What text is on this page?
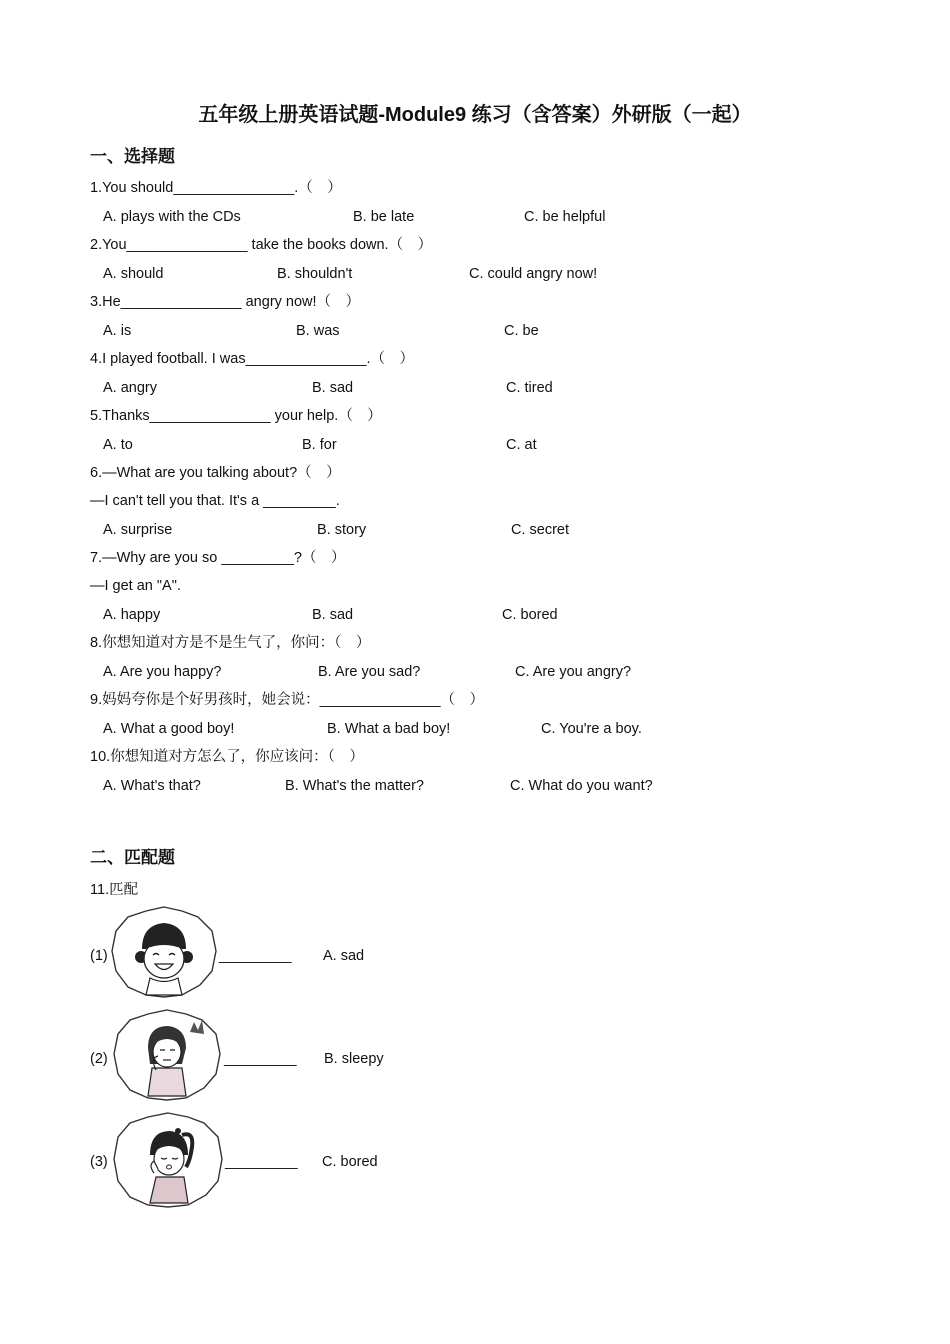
五年级上册英语试题-Module9 练习（含答案）外研版（一起）
一、选择题
1.You should_______________.（　）
A. plays with the CDs	B. be late	C. be helpful
2.You_______________ take the books down.（　）
A. should	B. shouldn't	C. could angry now!
3.He_______________ angry now!（　）
A. is	B. was	C. be
4.I played football. I was_______________.（　）
A. angry	B. sad	C. tired
5.Thanks_______________ your help.（　）
A. to	B. for	C. at
6.—What are you talking about?（　）
—I can't tell you that. It's a _________.
A. surprise	B. story	C. secret
7.—Why are you so _________?（　）
—I get an "A".
A. happy	B. sad	C. bored
8.你想知道对方是不是生气了，你问：（　）
A. Are you happy?	B. Are you sad?	C. Are you angry?
9.妈妈夸你是个好男孩时，她会说：_______________（　）
A. What a good boy!	B. What a bad boy!	C. You're a boy.
10.你想知道对方怎么了，你应该问：（　）
A. What's that?	B. What's the matter?	C. What do you want?
二、匹配题
11.匹配
(1)	_________ A. sad
(2)	_________ B. sleepy
(3)	_________ C. bored
